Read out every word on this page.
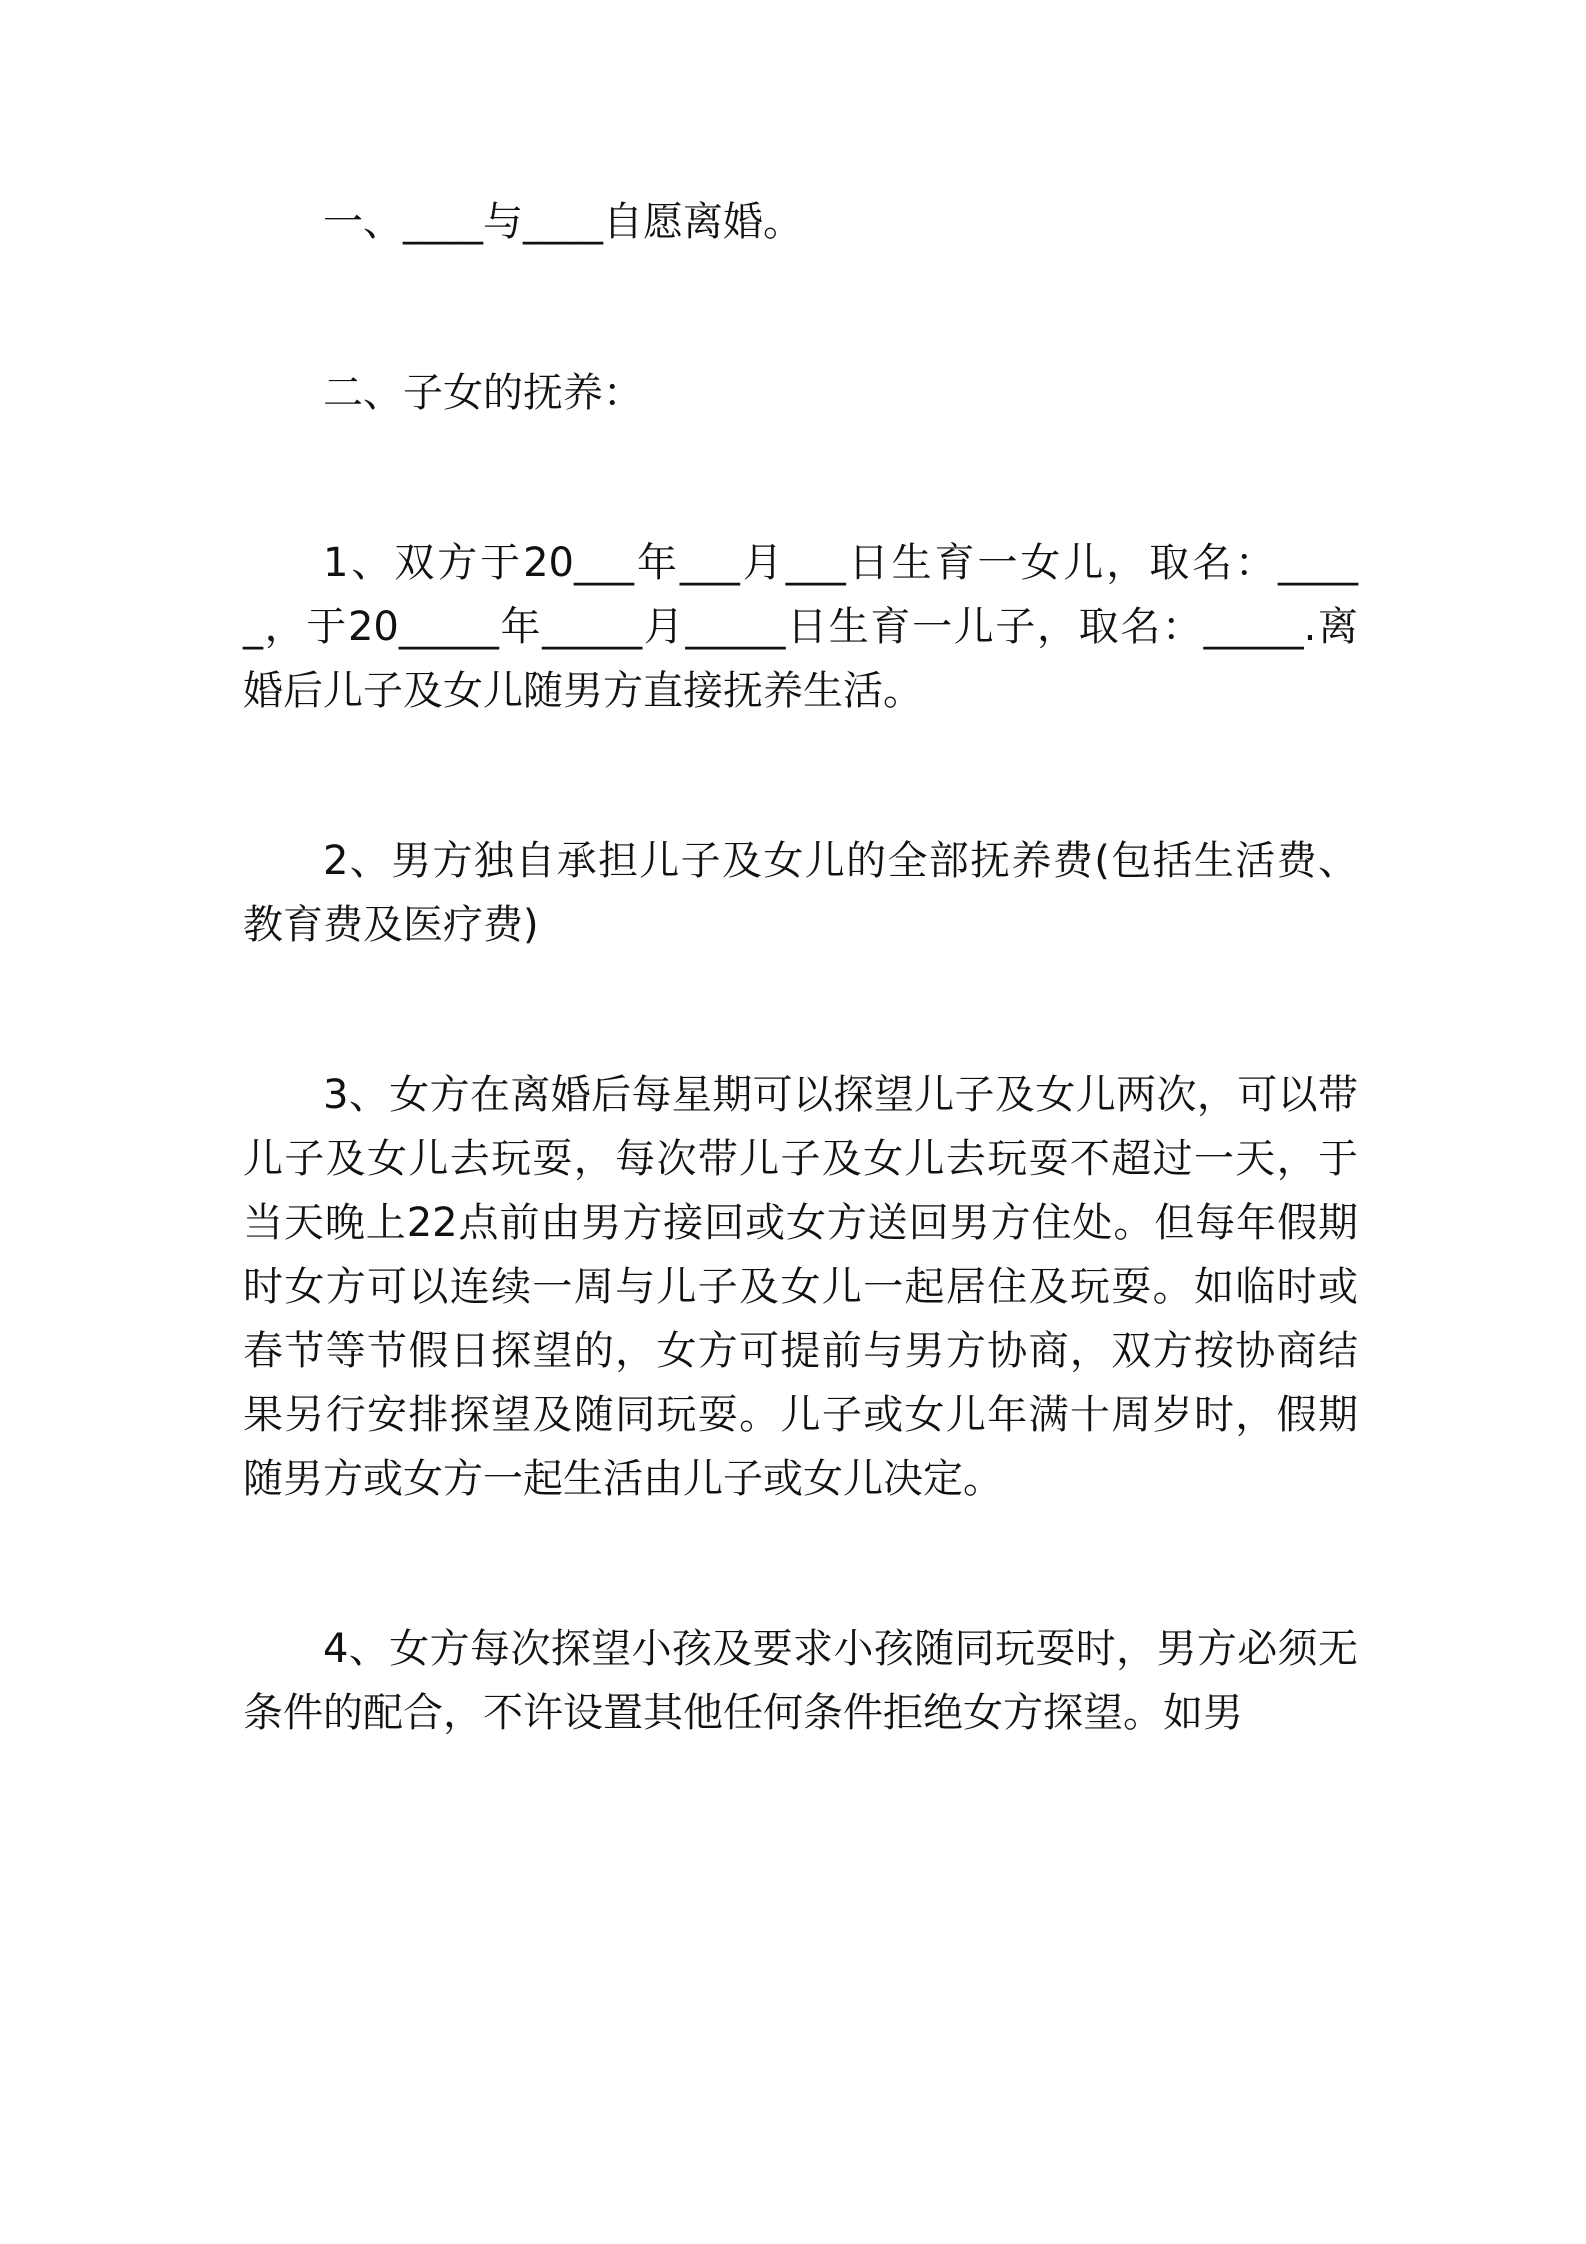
一、____与____自愿离婚。

二、子女的抚养：

1、双方于20___年___月___日生育一女儿，取名：_____，于20_____年_____月_____日生育一儿子，取名：_____.离婚后儿子及女儿随男方直接抚养生活。

2、男方独自承担儿子及女儿的全部抚养费(包括生活费、教育费及医疗费)

3、女方在离婚后每星期可以探望儿子及女儿两次，可以带儿子及女儿去玩耍，每次带儿子及女儿去玩耍不超过一天，于当天晚上22点前由男方接回或女方送回男方住处。但每年假期时女方可以连续一周与儿子及女儿一起居住及玩耍。如临时或春节等节假日探望的，女方可提前与男方协商，双方按协商结果另行安排探望及随同玩耍。儿子或女儿年满十周岁时，假期随男方或女方一起生活由儿子或女儿决定。

4、女方每次探望小孩及要求小孩随同玩耍时，男方必须无条件的配合，不许设置其他任何条件拒绝女方探望。如男
